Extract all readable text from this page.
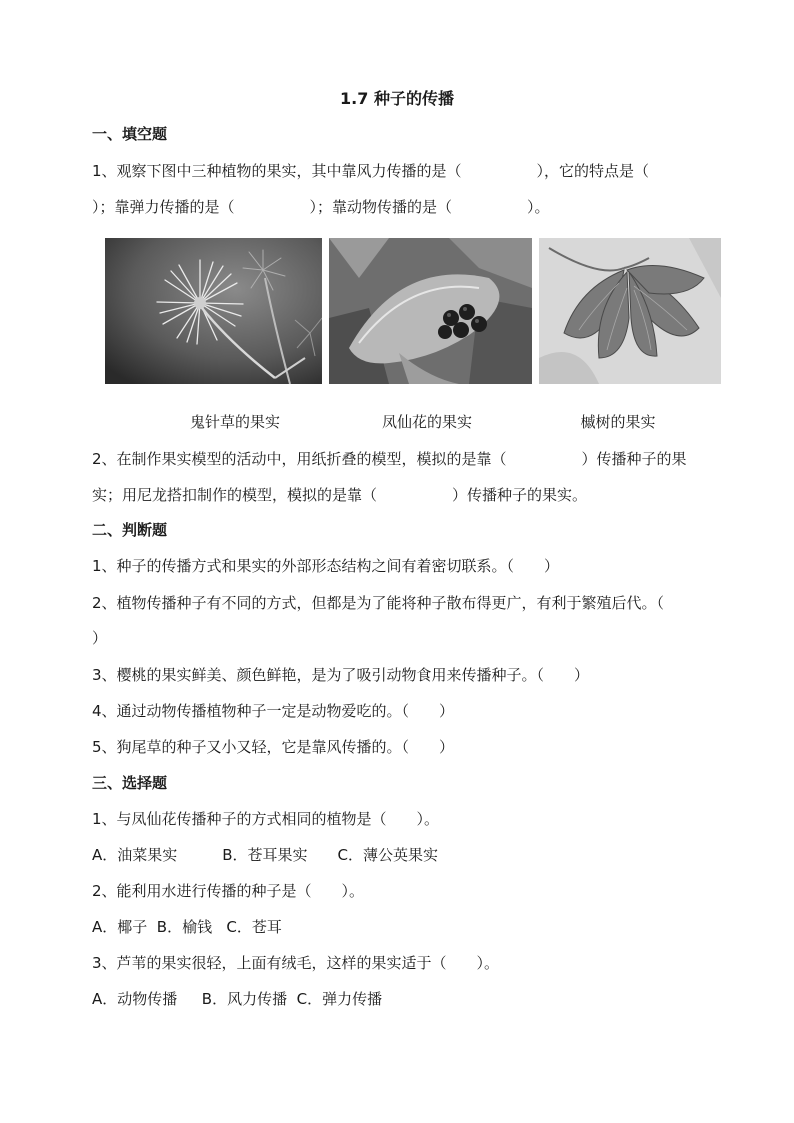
1.7 种子的传播
一、填空题
1、观察下图中三种植物的果实，其中靠风力传播的是（　　　　　），它的特点是（
）；靠弹力传播的是（　　　　　）；靠动物传播的是（　　　　　）。
鬼针草的果实	凤仙花的果实	槭树的果实
2、在制作果实模型的活动中，用纸折叠的模型，模拟的是靠（　　　　　）传播种子的果
实；用尼龙搭扣制作的模型，模拟的是靠（　　　　　）传播种子的果实。
二、判断题
1、种子的传播方式和果实的外部形态结构之间有着密切联系。（　　）
2、植物传播种子有不同的方式，但都是为了能将种子散布得更广，有利于繁殖后代。（
）
3、樱桃的果实鲜美、颜色鲜艳，是为了吸引动物食用来传播种子。（　　）
4、通过动物传播植物种子一定是动物爱吃的。（　　）
5、狗尾草的种子又小又轻，它是靠风传播的。（　　）
三、选择题
1、与凤仙花传播种子的方式相同的植物是（　　）。
A．油菜果实　　　B．苍耳果实　　C．薄公英果实
2、能利用水进行传播的种子是（　　）。
A．椰子  B．榆钱   C．苍耳
3、芦苇的果实很轻，上面有绒毛，这样的果实适于（　　）。
A．动物传播　  B．风力传播  C．弹力传播
